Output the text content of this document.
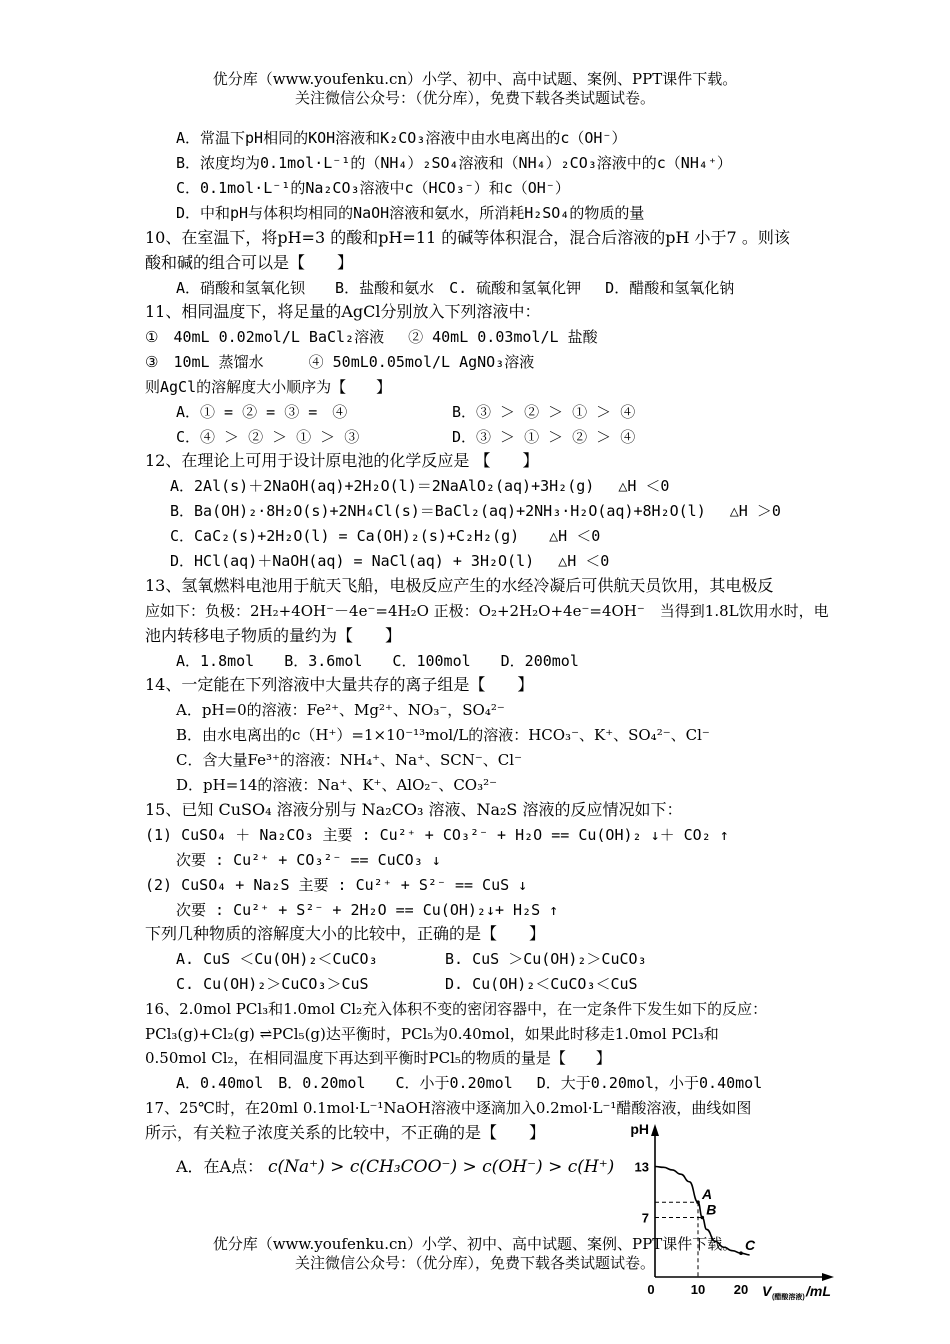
优分库（www.youfenku.cn）小学、初中、高中试题、案例、PPT课件下载。
关注微信公众号：（优分库），免费下载各类试题试卷。
A．常温下pH相同的KOH溶液和K₂CO₃溶液中由水电离出的c（OH⁻）
B．浓度均为0.1mol·L⁻¹的（NH₄）₂SO₄溶液和（NH₄）₂CO₃溶液中的c（NH₄⁺）
C．0.1mol·L⁻¹的Na₂CO₃溶液中c（HCO₃⁻）和c（OH⁻）
D．中和pH与体积均相同的NaOH溶液和氨水，所消耗H₂SO₄的物质的量
10、在室温下，将pH=3 的酸和pH=11 的碱等体积混合，混合后溶液的pH 小于7 。则该
酸和碱的组合可以是【　　】
A．硝酸和氢氧化钡　　B．盐酸和氨水　C. 硫酸和氢氧化钾　 D．醋酸和氢氧化钠
11、相同温度下，将足量的AgCl分别放入下列溶液中：
①　40mL 0.02mol/L BaCl₂溶液　 ② 40mL 0.03mol/L 盐酸
③　10mL 蒸馏水　　　④ 50mL0.05mol/L AgNO₃溶液
则AgCl的溶解度大小顺序为【　　】
A．① = ② = ③ =　④	B．③ ＞ ② ＞ ① ＞ ④
C．④ ＞ ② ＞ ① ＞ ③	D．③ ＞ ① ＞ ② ＞ ④
12、在理论上可用于设计原电池的化学反应是 【　　】
A．2Al(s)＋2NaOH(aq)+2H₂O(l)＝2NaAlO₂(aq)+3H₂(g)　 △H ＜0
B．Ba(OH)₂·8H₂O(s)+2NH₄Cl(s)＝BaCl₂(aq)+2NH₃·H₂O(aq)+8H₂O(l)　 △H ＞0
C．CaC₂(s)+2H₂O(l) = Ca(OH)₂(s)+C₂H₂(g)　　△H ＜0
D．HCl(aq)＋NaOH(aq) = NaCl(aq) + 3H₂O(l)　 △H ＜0
13、氢氧燃料电池用于航天飞船，电极反应产生的水经冷凝后可供航天员饮用，其电极反
应如下：负极：2H₂+4OH⁻－4e⁻=4H₂O 正极：O₂+2H₂O+4e⁻=4OH⁻　当得到1.8L饮用水时，电
池内转移电子物质的量约为【　　】
A．1.8mol　　B．3.6mol　　C．100mol　　D．200mol
14、一定能在下列溶液中大量共存的离子组是【　　】
A．pH=0的溶液：Fe²⁺、Mg²⁺、NO₃⁻，SO₄²⁻
B．由水电离出的c（H⁺）=1×10⁻¹³mol/L的溶液：HCO₃⁻、K⁺、SO₄²⁻、Cl⁻
C．含大量Fe³⁺的溶液：NH₄⁺、Na⁺、SCN⁻、Cl⁻
D．pH=14的溶液：Na⁺、K⁺、AlO₂⁻、CO₃²⁻
15、已知 CuSO₄ 溶液分别与 Na₂CO₃ 溶液、Na₂S 溶液的反应情况如下：
(1) CuSO₄ ＋ Na₂CO₃ 主要 : Cu²⁺ + CO₃²⁻ + H₂O == Cu(OH)₂ ↓＋ CO₂ ↑
次要 : Cu²⁺ + CO₃²⁻ == CuCO₃ ↓
(2) CuSO₄ + Na₂S 主要 : Cu²⁺ + S²⁻ == CuS ↓
次要 : Cu²⁺ + S²⁻ + 2H₂O == Cu(OH)₂↓+ H₂S ↑
下列几种物质的溶解度大小的比较中，正确的是【　　】
A. CuS ＜Cu(OH)₂＜CuCO₃	B. CuS ＞Cu(OH)₂＞CuCO₃
C. Cu(OH)₂＞CuCO₃＞CuS	D. Cu(OH)₂＜CuCO₃＜CuS
16、2.0mol PCl₃和1.0mol Cl₂充入体积不变的密闭容器中，在一定条件下发生如下的反应：
PCl₃(g)+Cl₂(g) ⇌PCl₅(g)达平衡时，PCl₅为0.40mol，如果此时移走1.0mol PCl₃和
0.50mol Cl₂，在相同温度下再达到平衡时PCl₅的物质的量是【　　】
A．0.40mol　B．0.20mol　　C．小于0.20mol　 D．大于0.20mol，小于0.40mol
17、25℃时，在20ml 0.1mol·L⁻¹NaOH溶液中逐滴加入0.2mol·L⁻¹醋酸溶液，曲线如图
所示，有关粒子浓度关系的比较中，不正确的是【　　】
A．在A点： c(Na⁺) > c(CH₃COO⁻) > c(OH⁻) > c(H⁺)
pH
13
7
0	10 20 V (醋酸溶液) /mL
A
B
C
优分库（www.youfenku.cn）小学、初中、高中试题、案例、PPT课件下载。
关注微信公众号：（优分库），免费下载各类试题试卷。
